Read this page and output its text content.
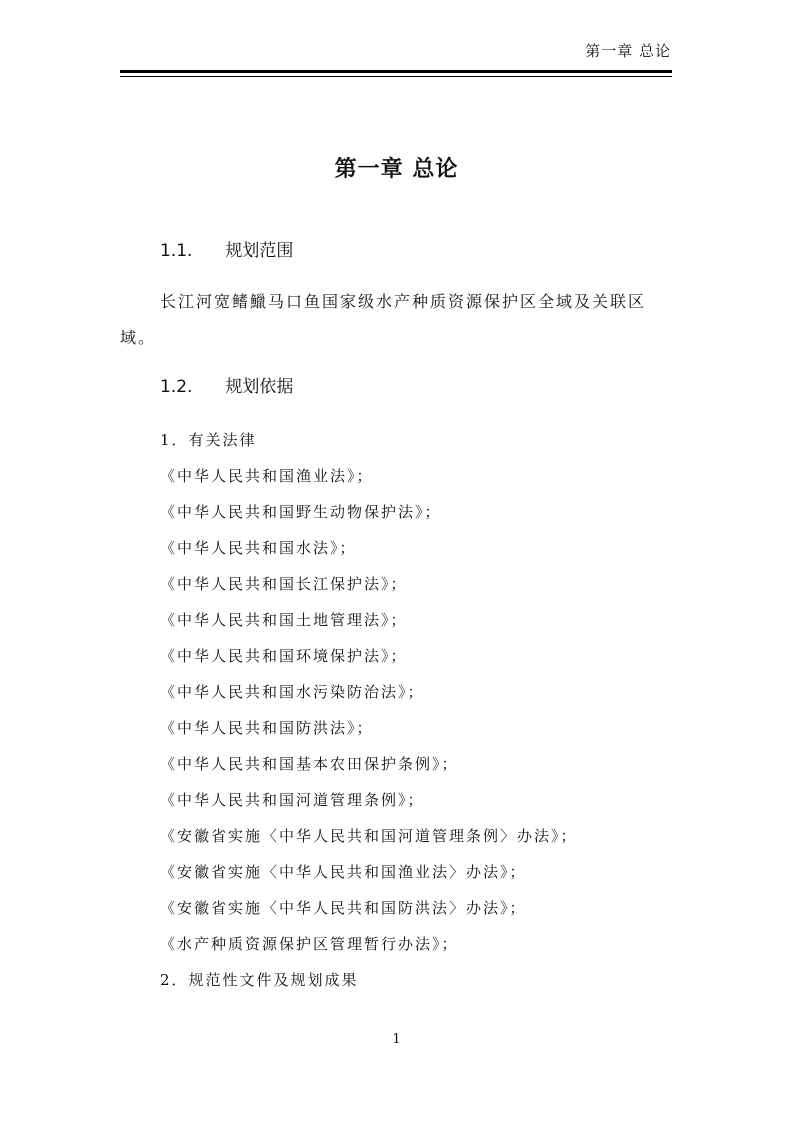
第一章 总论
第一章 总论
1.1. 规划范围
长江河宽鳍鱲马口鱼国家级水产种质资源保护区全域及关联区域。
1.2. 规划依据
1．有关法律
《中华人民共和国渔业法》；
《中华人民共和国野生动物保护法》；
《中华人民共和国水法》；
《中华人民共和国长江保护法》；
《中华人民共和国土地管理法》；
《中华人民共和国环境保护法》；
《中华人民共和国水污染防治法》；
《中华人民共和国防洪法》；
《中华人民共和国基本农田保护条例》；
《中华人民共和国河道管理条例》；
《安徽省实施〈中华人民共和国河道管理条例〉办法》；
《安徽省实施〈中华人民共和国渔业法〉办法》；
《安徽省实施〈中华人民共和国防洪法〉办法》；
《水产种质资源保护区管理暂行办法》；
2．规范性文件及规划成果
1
